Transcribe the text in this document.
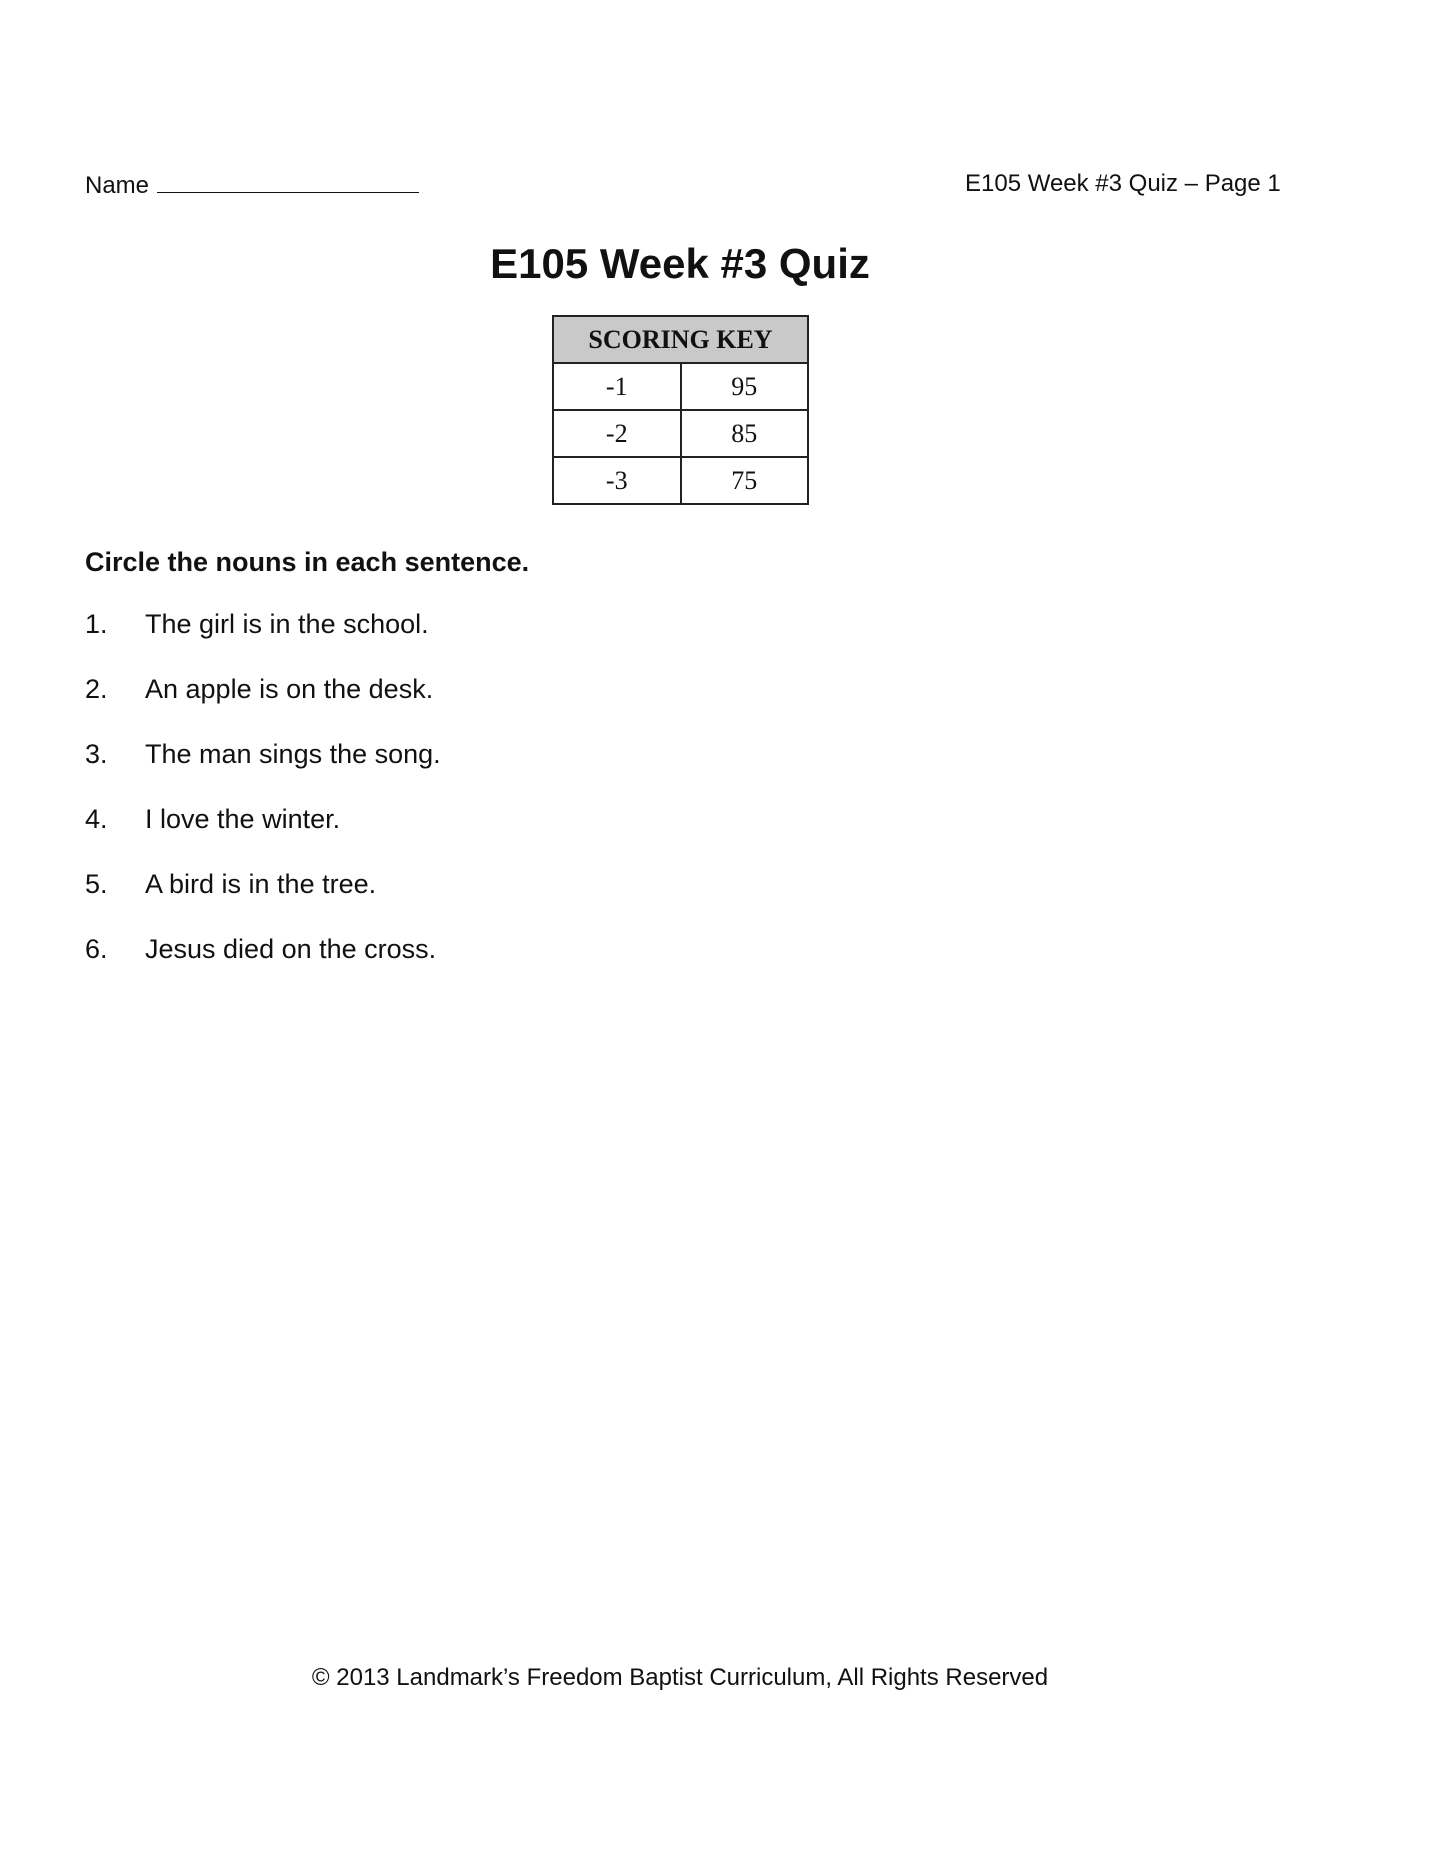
Name	E105 Week #3 Quiz – Page 1
E105 Week #3 Quiz
SCORING KEY	
-1	95
-2	85
-3	75
Circle the nouns in each sentence.
1.	The girl is in the school.
2.	An apple is on the desk.
3.	The man sings the song.
4.	I love the winter.
5.	A bird is in the tree.
6.	Jesus died on the cross.
© 2013 Landmark’s Freedom Baptist Curriculum, All Rights Reserved
